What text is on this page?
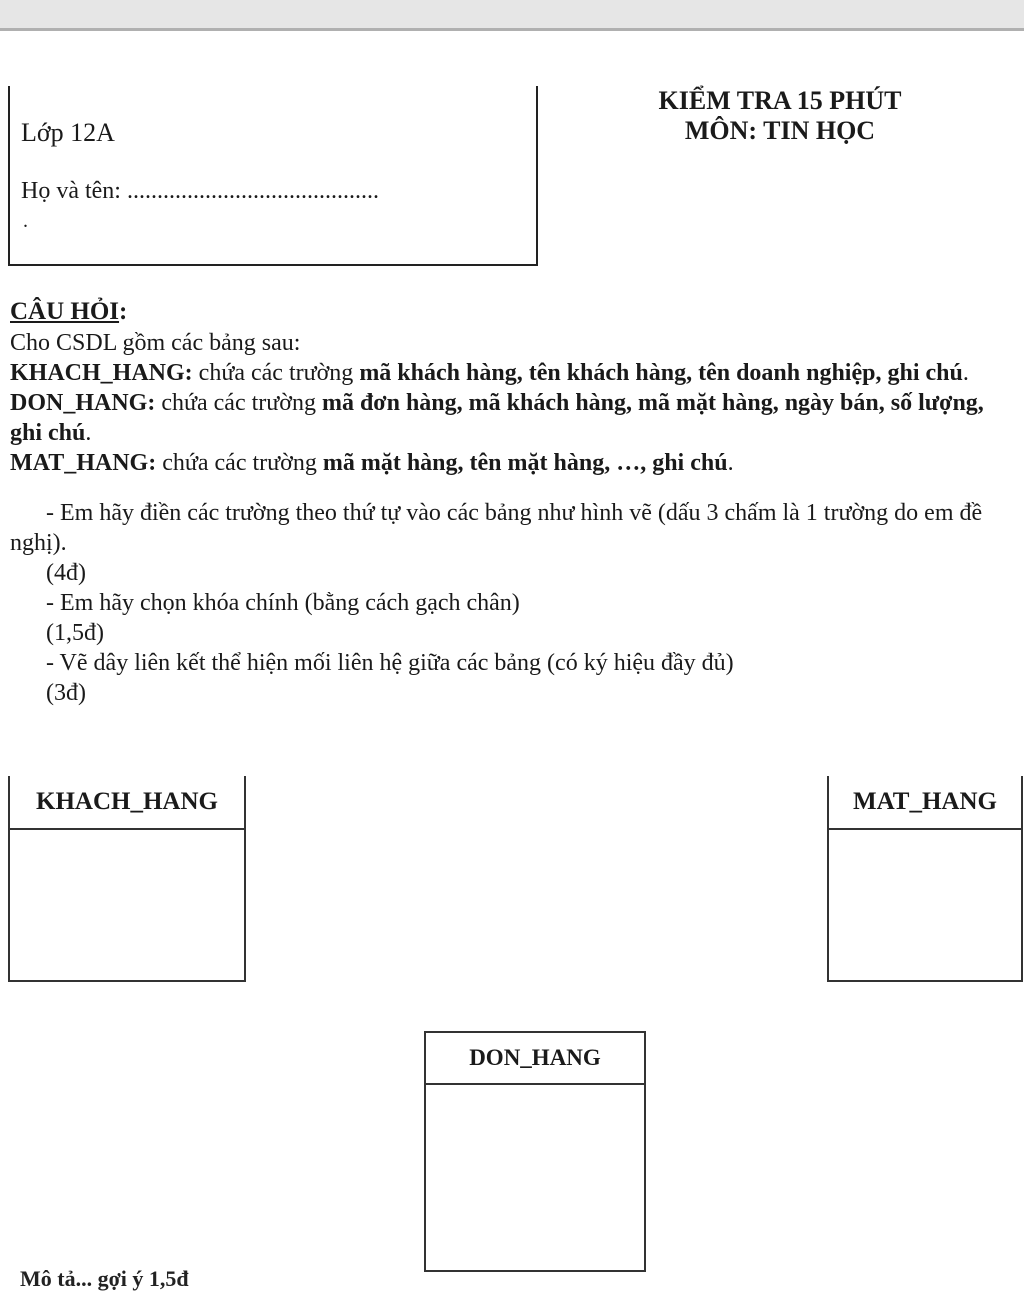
Lớp 12A
Họ và tên: ..........................................
.
KIỂM TRA 15 PHÚT
MÔN: TIN HỌC
CÂU HỎI:

Cho CSDL gồm các bảng sau:

KHACH_HANG: chứa các trường mã khách hàng, tên khách hàng, tên doanh nghiệp, ghi chú.

DON_HANG: chứa các trường mã đơn hàng, mã khách hàng, mã mặt hàng, ngày bán, số lượng, ghi chú.

MAT_HANG: chứa các trường mã mặt hàng, tên mặt hàng, …, ghi chú.

- Em hãy điền các trường theo thứ tự vào các bảng như hình vẽ (dấu 3 chấm là 1 trường do em đề nghị).

(4đ)

- Em hãy chọn khóa chính (bằng cách gạch chân)

(1,5đ)

- Vẽ dây liên kết thể hiện mối liên hệ giữa các bảng (có ký hiệu đầy đủ)

(3đ)

KHACH_HANG	MAT_HANG
DON_HANG
Mô tả... gợi ý 1,5đ
